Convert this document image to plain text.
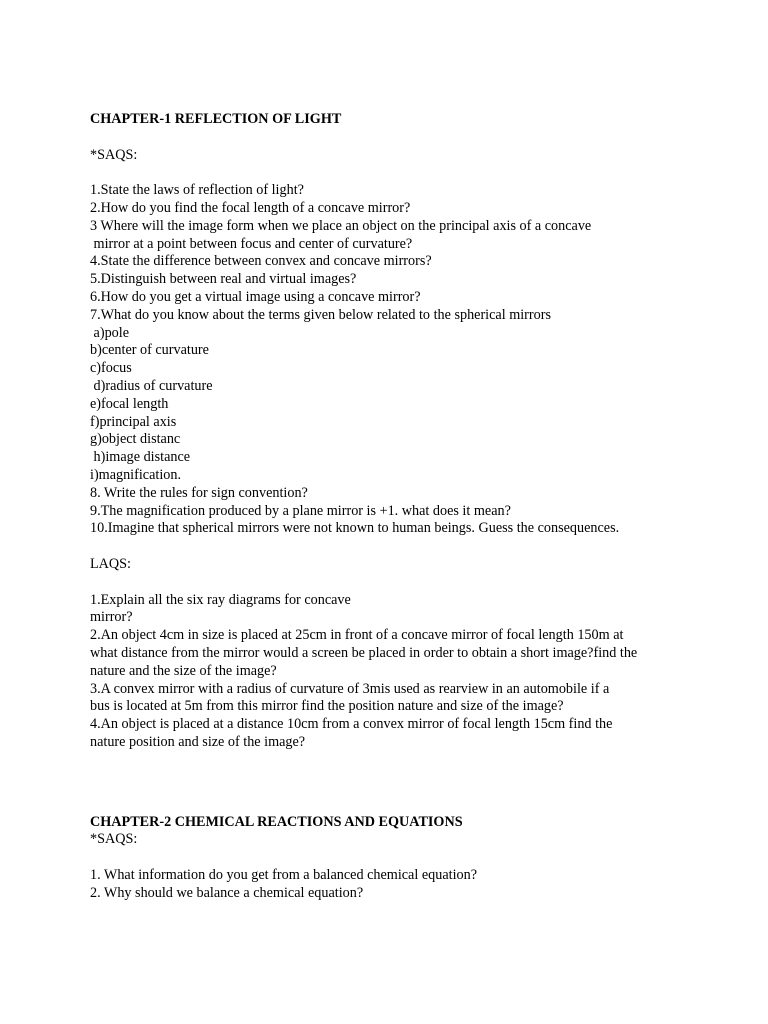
CHAPTER-1 REFLECTION OF LIGHT
*SAQS:
1.State the laws of reflection of light?
2.How do you find the focal length of a concave mirror?
3 Where will the image form when we place an object on the principal axis of a concave
mirror at a point between focus and center of curvature?
4.State the difference between convex and concave mirrors?
5.Distinguish between real and virtual images?
6.How do you get a virtual image using a concave mirror?
7.What do you know about the terms given below related to the spherical mirrors
a)pole
b)center of curvature
c)focus
d)radius of curvature
e)focal length
f)principal axis
g)object distanc
h)image distance
i)magnification.
8. Write the rules for sign convention?
9.The magnification produced by a plane mirror is +1. what does it mean?
10.Imagine that spherical mirrors were not known to human beings. Guess the consequences.
LAQS:
1.Explain all the six ray diagrams for concave
mirror?
2.An object 4cm in size is placed at 25cm in front of a concave mirror of focal length 150m at
what distance from the mirror would a screen be placed in order to obtain a short image?find the
nature and the size of the image?
3.A convex mirror with a radius of curvature of 3mis used as rearview in an automobile if a
bus is located at 5m from this mirror find the position nature and size of the image?
4.An object is placed at a distance 10cm from a convex mirror of focal length 15cm find the
nature position and size of the image?
CHAPTER-2 CHEMICAL REACTIONS AND EQUATIONS
*SAQS:
1. What information do you get from a balanced chemical equation?
2. Why should we balance a chemical equation?
